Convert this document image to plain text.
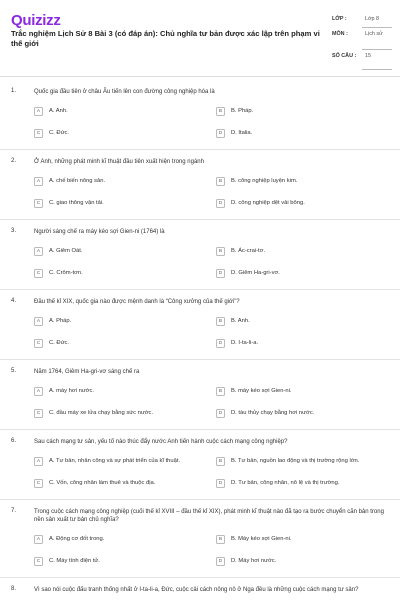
Quizizz
Trắc nghiệm Lịch Sử 8 Bài 3 (có đáp án): Chủ nghĩa tư bản được xác lập trên phạm vi thế giới
LỚP :	Lớp 8
MÔN :	Lịch sử
SỐ CÂU : 15
1.	Quốc gia đầu tiên ở châu Âu tiến lên con đường công nghiệp hóa là
A	A. Anh.	B	B. Pháp.
C	C. Đức.	D	D. Italia.
2.	Ở Anh, những phát minh kĩ thuật đầu tiên xuất hiện trong ngành
A	A. chế biến nông sản.	B	B. công nghiệp luyện kim.
C	C. giao thông vận tải.	D	D. công nghiệp dệt vải bông.
3.	Người sáng chế ra máy kéo sợi Gien-ni (1764) là
A	A. Giêm Oát.	B	B. Ác-crai-tơ.
C	C. Crôm-tơn.	D	D. Giêm Ha-gri-vơ.
4.	Đầu thế kỉ XIX, quốc gia nào được mệnh danh là “Công xưởng của thế giới”?
A	A. Pháp.	B	B. Anh.
C	C. Đức.	D	D. I-ta-li-a.
5.	Năm 1764, Giêm Ha-gri-vơ sáng chế ra
A	A. máy hơi nước.	B	B. máy kéo sợi Gien-ni.
C	C. đầu máy xe lửa chạy bằng sức nước.	D	D. tàu thủy chạy bằng hơi nước.
6.	Sau cách mạng tư sản, yếu tố nào thúc đẩy nước Anh tiến hành cuộc cách mạng công nghiệp?
A	A. Tư bản, nhân công và sự phát triển của kĩ thuật.	B	B. Tư bản, nguồn lao động và thị trường rộng lớn.
C	C. Vốn, công nhân làm thuê và thuộc địa.	D	D. Tư bản, công nhân, nô lệ và thị trường.
7.	Trong cuộc cách mạng công nghiệp (cuối thế kỉ XVIII – đầu thế kỉ XIX), phát minh kĩ thuật nào đã tạo ra bước chuyển căn bản trong nền sản xuất tư bản chủ nghĩa?
A	A. Động cơ đốt trong.	B	B. Máy kéo sợi Gien-ni.
C	C. Máy tính điện tử.	D	D. Máy hơi nước.
8.	Vì sao nói cuộc đấu tranh thống nhất ở I-ta-li-a, Đức, cuộc cải cách nông nô ở Nga đều là những cuộc cách mạng tư sản?
